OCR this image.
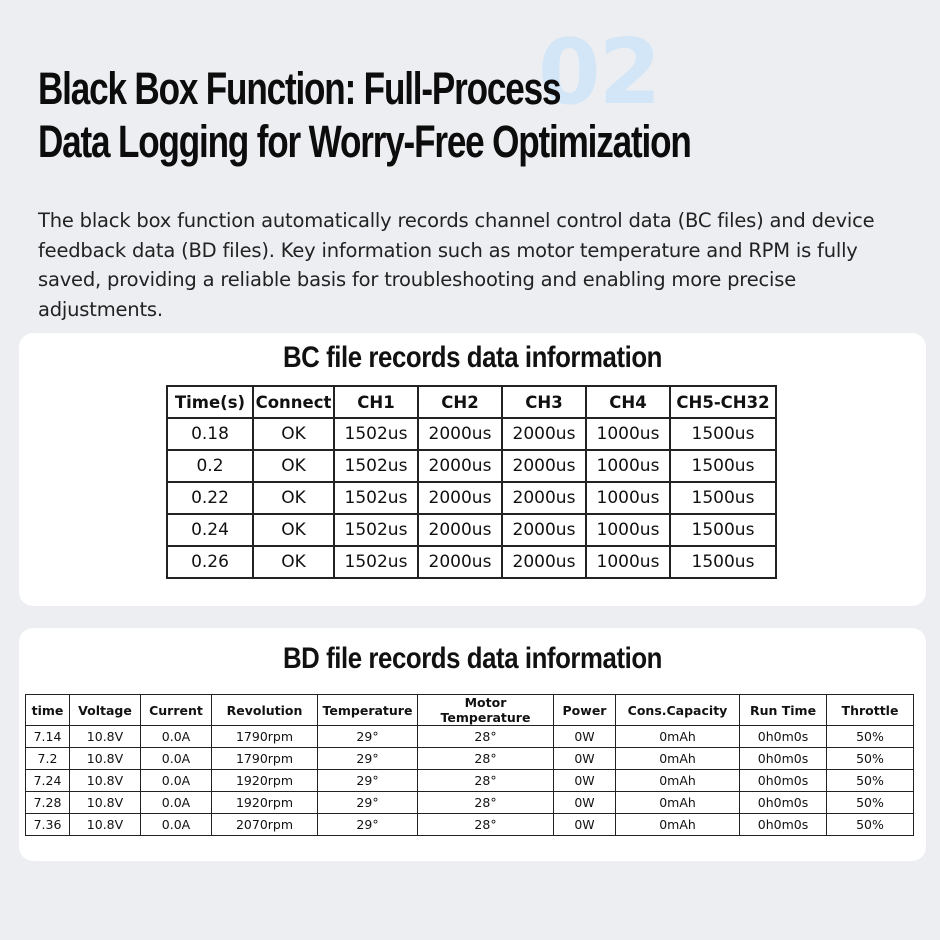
02
Black Box Function: Full-Process
Data Logging for Worry-Free Optimization

The black box function automatically records channel control data (BC files) and device feedback data (BD files). Key information such as motor temperature and RPM is fully saved, providing a reliable basis for troubleshooting and enabling more precise adjustments.

BC file records data information
Time(s)	Connect	CH1	CH2	CH3	CH4	CH5-CH32
0.18	OK	1502us	2000us	2000us	1000us	1500us
0.2	OK	1502us	2000us	2000us	1000us	1500us
0.22	OK	1502us	2000us	2000us	1000us	1500us
0.24	OK	1502us	2000us	2000us	1000us	1500us
0.26	OK	1502us	2000us	2000us	1000us	1500us
BD file records data information
time	Voltage	Current	Revolution	Temperature	Motor Temperature	Power	Cons.Capacity	Run Time	Throttle
7.14	10.8V	0.0A	1790rpm	29°	28°	0W	0mAh	0h0m0s	50%
7.2	10.8V	0.0A	1790rpm	29°	28°	0W	0mAh	0h0m0s	50%
7.24	10.8V	0.0A	1920rpm	29°	28°	0W	0mAh	0h0m0s	50%
7.28	10.8V	0.0A	1920rpm	29°	28°	0W	0mAh	0h0m0s	50%
7.36	10.8V	0.0A	2070rpm	29°	28°	0W	0mAh	0h0m0s	50%
